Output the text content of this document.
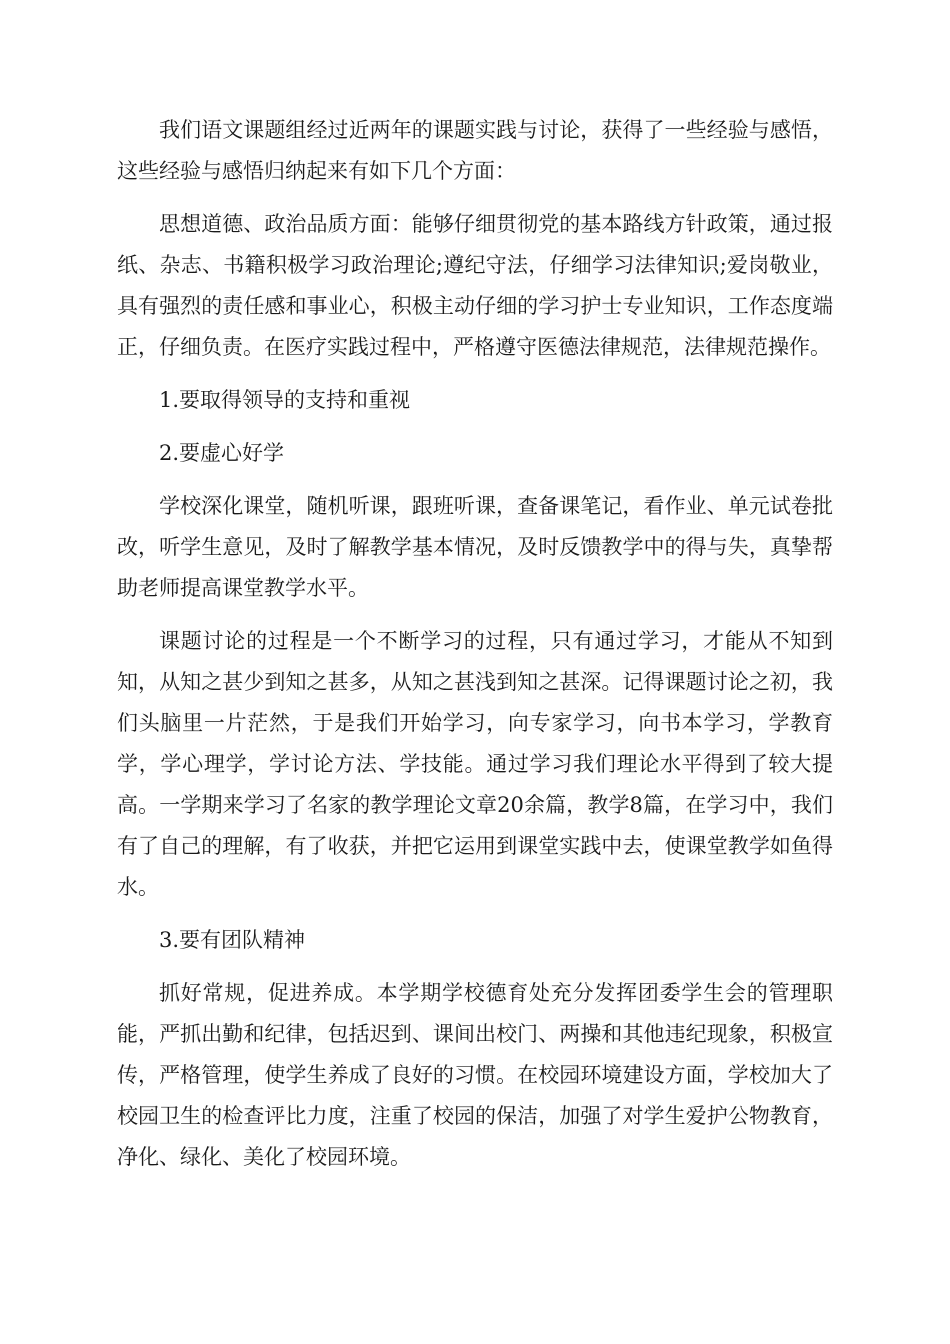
我们语文课题组经过近两年的课题实践与讨论，获得了一些经验与感悟，这些经验与感悟归纳起来有如下几个方面：

思想道德、政治品质方面：能够仔细贯彻党的基本路线方针政策，通过报纸、杂志、书籍积极学习政治理论;遵纪守法，仔细学习法律知识;爱岗敬业，具有强烈的责任感和事业心，积极主动仔细的学习护士专业知识，工作态度端正，仔细负责。在医疗实践过程中，严格遵守医德法律规范，法律规范操作。

1.要取得领导的支持和重视

2.要虚心好学

学校深化课堂，随机听课，跟班听课，查备课笔记，看作业、单元试卷批改，听学生意见，及时了解教学基本情况，及时反馈教学中的得与失，真挚帮助老师提高课堂教学水平。

课题讨论的过程是一个不断学习的过程，只有通过学习，才能从不知到知，从知之甚少到知之甚多，从知之甚浅到知之甚深。记得课题讨论之初，我们头脑里一片茫然，于是我们开始学习，向专家学习，向书本学习，学教育学，学心理学，学讨论方法、学技能。通过学习我们理论水平得到了较大提高。一学期来学习了名家的教学理论文章20余篇，教学8篇，在学习中，我们有了自己的理解，有了收获，并把它运用到课堂实践中去，使课堂教学如鱼得水。

3.要有团队精神

抓好常规，促进养成。本学期学校德育处充分发挥团委学生会的管理职能，严抓出勤和纪律，包括迟到、课间出校门、两操和其他违纪现象，积极宣传，严格管理，使学生养成了良好的习惯。在校园环境建设方面，学校加大了校园卫生的检查评比力度，注重了校园的保洁，加强了对学生爱护公物教育，净化、绿化、美化了校园环境。
